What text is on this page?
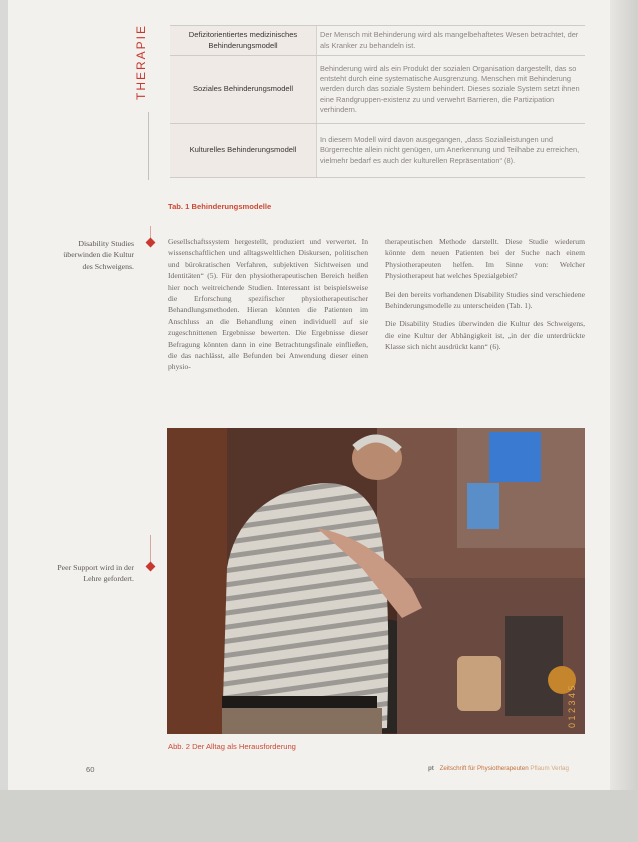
THERAPIE	Defizitorientiertes medizinisches Behinderungsmodell	Der Mensch mit Behinderung wird als mangelbehaftetes Wesen betrachtet, der als Kranker zu behandeln ist.
Soziales Behinderungsmodell	Behinderung wird als ein Produkt der sozialen Organisation dargestellt, das so entsteht durch eine systematische Ausgrenzung. Menschen mit Behinderung werden durch das soziale System behindert. Dieses soziale System setzt ihnen eine Randgruppen-existenz zu und verwehrt Barrieren, die Partizipation verhindern.
Kulturelles Behinderungsmodell	In diesem Modell wird davon ausgegangen, „dass Sozialleistungen und Bürgerrechte allein nicht genügen, um Anerkennung und Teilhabe zu erreichen, vielmehr bedarf es auch der kulturellen Repräsentation“ (8).
Tab. 1 Behinderungsmodelle
Disability Studies überwinden die Kultur des Schweigens.
Peer Support wird in der Lehre gefordert.

Gesellschaftssystem hergestellt, produziert und verwertet. In wissenschaftlichen und alltagsweltlichen Diskursen, politischen und bürokratischen Verfahren, subjektiven Sichtweisen und Identitäten“ (5). Für den physiotherapeutischen Bereich heißen hier noch weitreichende Studien. Interessant ist beispielsweise die Erforschung spezifischer physiotherapeutischer Behandlungsmethoden. Hieran könnten die Patienten im Anschluss an die Behandlung einen individuell auf sie zugeschnittenen Ergebnisse bewerten. Die Ergebnisse dieser Befragung könnten dann in eine Betrachtungsfinale einfließen, die das nachlässt, alle Befunden bei Anwendung dieser einen physio-

therapeutischen Methode darstellt. Diese Studie wiederum könnte dem neuen Patienten bei der Suche nach einem Physiotherapeuten helfen. Im Sinne von: Welcher Physiotherapeut hat welches Spezialgebiet?

Bei den bereits vorhandenen Disability Studies sind verschiedene Behinderungsmodelle zu unterscheiden (Tab. 1).

Die Disability Studies überwinden die Kultur des Schweigens, die eine Kultur der Abhängigkeit ist, „in der die unterdrückte Klasse sich nicht ausdrückt kann“ (6).

0 1 2 3 4 5
Abb. 2 Der Alltag als Herausforderung
60	pt Zeitschrift für Physiotherapeuten Pflaum Verlag
